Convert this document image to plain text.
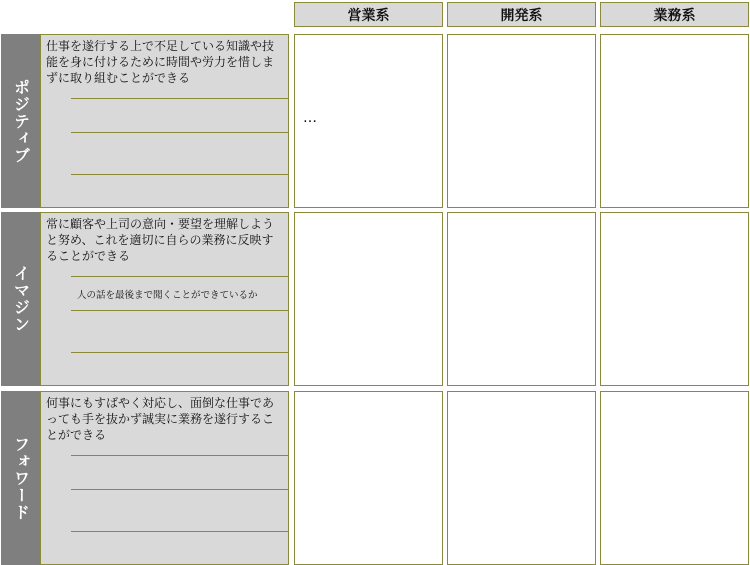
営業系	開発系	業務系
ポジティブ
仕事を遂行する上で不足している知識や技能を身に付けるために時間や労力を惜しまずに取り組むことができる
…
イマジン
常に顧客や上司の意向・要望を理解しようと努め、これを適切に自らの業務に反映することができる
人の話を最後まで聞くことができているか
フォワード
何事にもすばやく対応し、面倒な仕事であっても手を抜かず誠実に業務を遂行することができる
